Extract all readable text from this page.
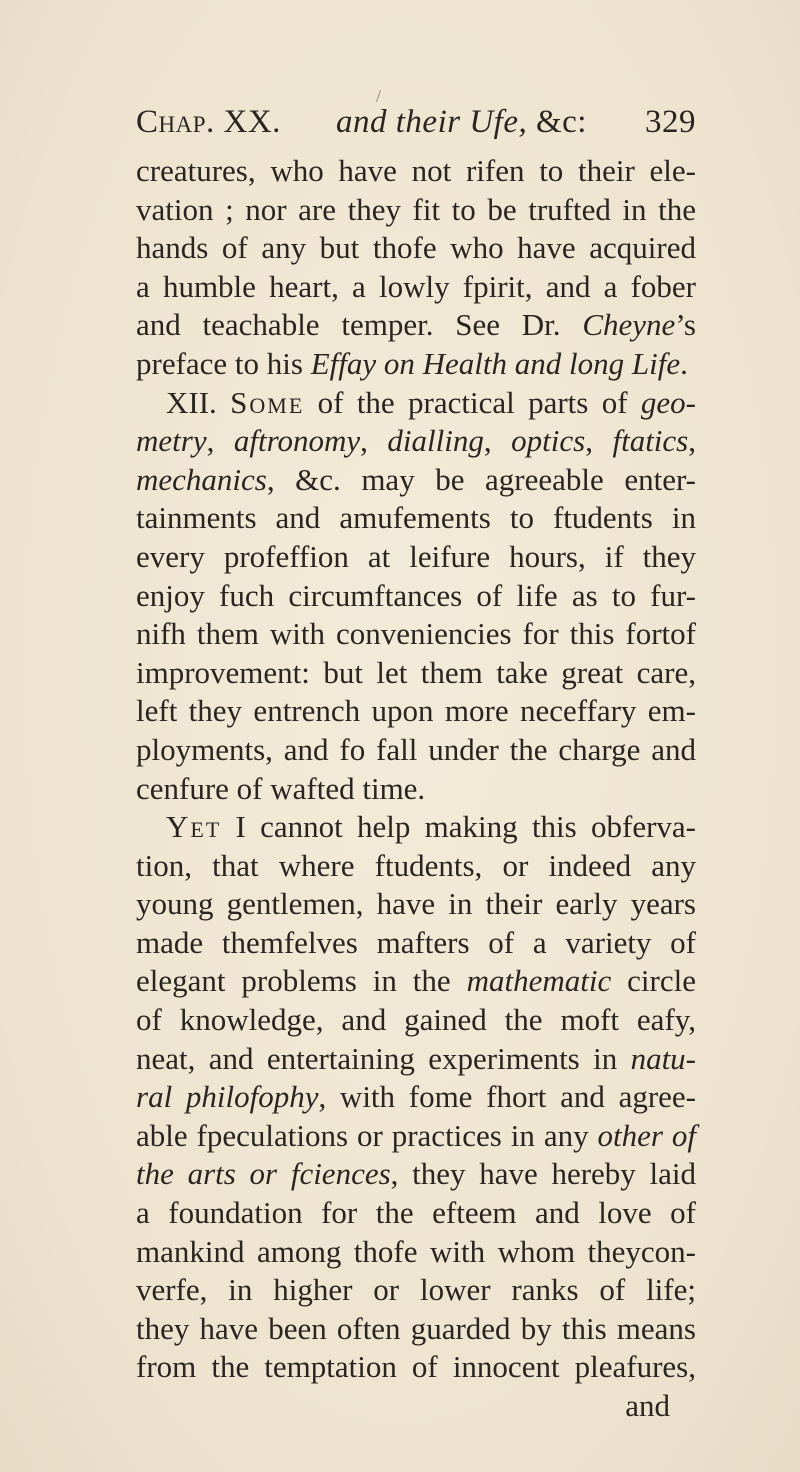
/
Chap. XX. and their Ufe, &c: 329
creatures, who have not rifen to their ele-
vation ; nor are they fit to be trufted in the
hands of any but thofe who have acquired
a humble heart, a lowly fpirit, and a fober
and teachable temper. See Dr. Cheyne’s
preface to his Effay on Health and long Life.
XII. Some of the practical parts of geo-
metry, aftronomy, dialling, optics, ftatics,
mechanics, &c. may be agreeable enter-
tainments and amufements to ftudents in
every profeffion at leifure hours, if they
enjoy fuch circumftances of life as to fur-
nifh them with conveniencies for this fortof
improvement: but let them take great care,
left they entrench upon more neceffary em-
ployments, and fo fall under the charge and
cenfure of wafted time.
Yet I cannot help making this obferva-
tion, that where ftudents, or indeed any
young gentlemen, have in their early years
made themfelves mafters of a variety of
elegant problems in the mathematic circle
of knowledge, and gained the moft eafy,
neat, and entertaining experiments in natu-
ral philofophy, with fome fhort and agree-
able fpeculations or practices in any other of
the arts or fciences, they have hereby laid
a foundation for the efteem and love of
mankind among thofe with whom theycon-
verfe, in higher or lower ranks of life;
they have been often guarded by this means
from the temptation of innocent pleafures,
and
